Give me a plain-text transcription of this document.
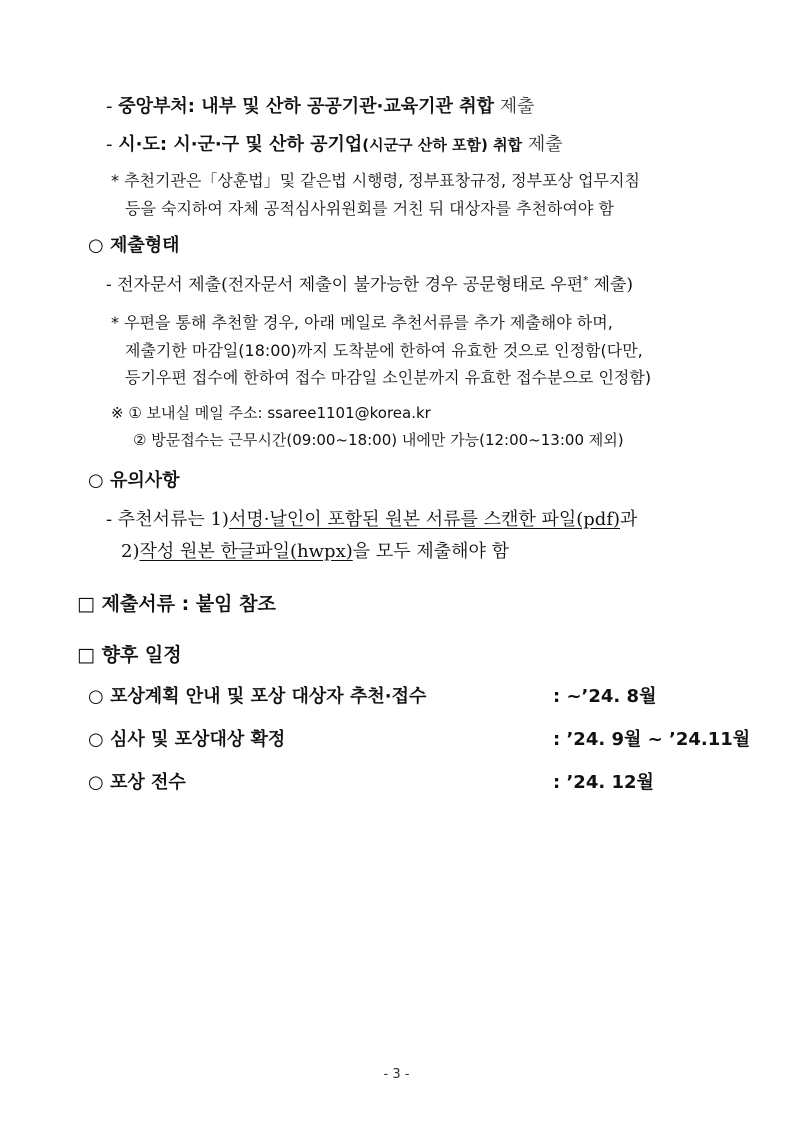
- 중앙부처: 내부 및 산하 공공기관·교육기관 취합 제출
- 시·도: 시·군·구 및 산하 공기업(시군구 산하 포함) 취합 제출
* 추천기관은「상훈법」및 같은법 시행령, 정부표창규정, 정부포상 업무지침
등을 숙지하여 자체 공적심사위원회를 거친 뒤 대상자를 추천하여야 함
○ 제출형태
- 전자문서 제출(전자문서 제출이 불가능한 경우 공문형태로 우편* 제출)
* 우편을 통해 추천할 경우, 아래 메일로 추천서류를 추가 제출해야 하며,
제출기한 마감일(18:00)까지 도착분에 한하여 유효한 것으로 인정함(다만,
등기우편 접수에 한하여 접수 마감일 소인분까지 유효한 접수분으로 인정함)
※ ① 보내실 메일 주소: ssaree1101@korea.kr
② 방문접수는 근무시간(09:00~18:00) 내에만 가능(12:00~13:00 제외)
○ 유의사항
- 추천서류는 1)서명·날인이 포함된 원본 서류를 스캔한 파일(pdf)과
2)작성 원본 한글파일(hwpx)을 모두 제출해야 함
□ 제출서류 : 붙임 참조
□ 향후 일정
○ 포상계획 안내 및 포상 대상자 추천·접수	: ~’24. 8월
○ 심사 및 포상대상 확정	: ’24. 9월 ~ ’24.11월
○ 포상 전수	: ’24. 12월
- 3 -
